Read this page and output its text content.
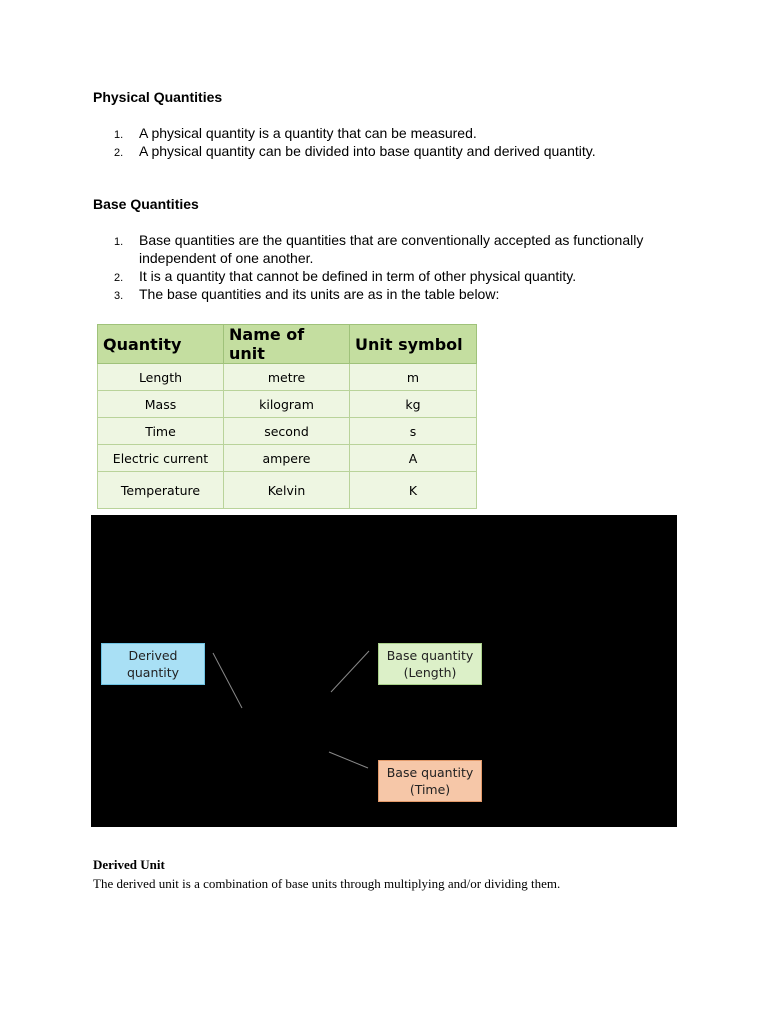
Physical Quantities
1. A physical quantity is a quantity that can be measured.
2. A physical quantity can be divided into base quantity and derived quantity.
Base Quantities
1. Base quantities are the quantities that are conventionally accepted as functionally independent of one another.
2. It is a quantity that cannot be defined in term of other physical quantity.
3. The base quantities and its units are as in the table below:
Quantity	Name of unit	Unit symbol
Length	metre	m
Mass	kilogram	kg
Time	second	s
Electric current	ampere	A
Temperature	Kelvin	K
Derived
quantity
Base quantity
(Length)
Base quantity
(Time)
Derived Unit
The derived unit is a combination of base units through multiplying and/or dividing them.
